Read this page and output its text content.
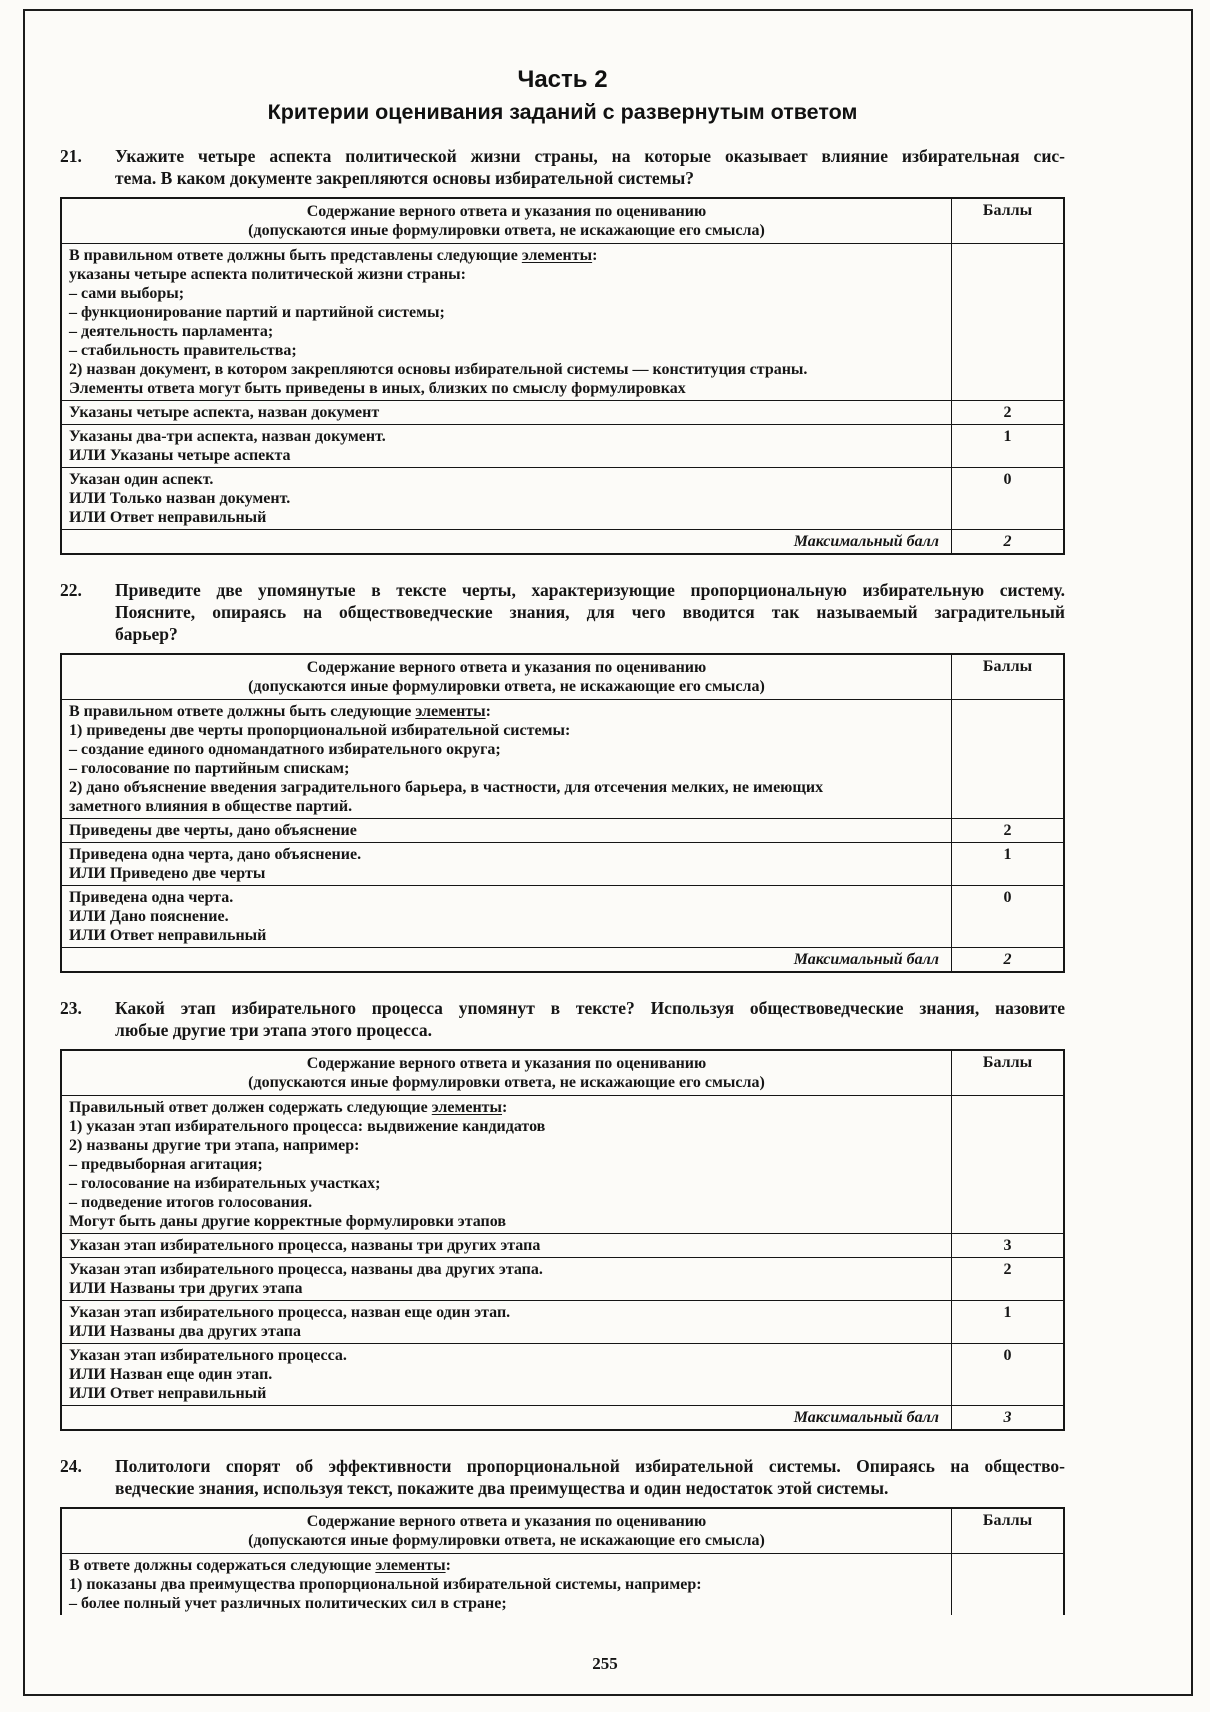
Часть 2
Критерии оценивания заданий с развернутым ответом
21.	Укажите четыре аспекта политической жизни страны, на которые оказывает влияние избирательная сис-
тема. В каком документе закрепляются основы избирательной системы?
Содержание верного ответа и указания по оцениванию
(допускаются иные формулировки ответа, не искажающие его смысла)	Баллы

В правильном ответе должны быть представлены следующие элементы:
указаны четыре аспекта политической жизни страны:
– сами выборы;
– функционирование партий и партийной системы;
– деятельность парламента;
– стабильность правительства;
2) назван документ, в котором закрепляются основы избирательной системы — конституция страны.
Элементы ответа могут быть приведены в иных, близких по смыслу формулировках

Указаны четыре аспекта, назван документ	2

Указаны два-три аспекта, назван документ.
ИЛИ Указаны четыре аспекта	1

Указан один аспект.
ИЛИ Только назван документ.
ИЛИ Ответ неправильный	0
Максимальный балл	2
22.	Приведите две упомянутые в тексте черты, характеризующие пропорциональную избирательную систему.
Поясните, опираясь на обществоведческие знания, для чего вводится так называемый заградительный
барьер?
Содержание верного ответа и указания по оцениванию
(допускаются иные формулировки ответа, не искажающие его смысла)	Баллы

В правильном ответе должны быть следующие элементы:
1) приведены две черты пропорциональной избирательной системы:
– создание единого одномандатного избирательного округа;
– голосование по партийным спискам;
2) дано объяснение введения заградительного барьера, в частности, для отсечения мелких, не имеющих
заметного влияния в обществе партий.

Приведены две черты, дано объяснение	2

Приведена одна черта, дано объяснение.
ИЛИ Приведено две черты	1

Приведена одна черта.
ИЛИ Дано пояснение.
ИЛИ Ответ неправильный	0
Максимальный балл	2
23.	Какой этап избирательного процесса упомянут в тексте? Используя обществоведческие знания, назовите
любые другие три этапа этого процесса.
Содержание верного ответа и указания по оцениванию
(допускаются иные формулировки ответа, не искажающие его смысла)	Баллы

Правильный ответ должен содержать следующие элементы:
1) указан этап избирательного процесса: выдвижение кандидатов
2) названы другие три этапа, например:
– предвыборная агитация;
– голосование на избирательных участках;
– подведение итогов голосования.
Могут быть даны другие корректные формулировки этапов

Указан этап избирательного процесса, названы три других этапа	3

Указан этап избирательного процесса, названы два других этапа.
ИЛИ Названы три других этапа	2

Указан этап избирательного процесса, назван еще один этап.
ИЛИ Названы два других этапа	1

Указан этап избирательного процесса.
ИЛИ Назван еще один этап.
ИЛИ Ответ неправильный	0
Максимальный балл	3
24.	Политологи спорят об эффективности пропорциональной избирательной системы. Опираясь на общество-
ведческие знания, используя текст, покажите два преимущества и один недостаток этой системы.
Содержание верного ответа и указания по оцениванию
(допускаются иные формулировки ответа, не искажающие его смысла)	Баллы

В ответе должны содержаться следующие элементы:
1) показаны два преимущества пропорциональной избирательной системы, например:
– более полный учет различных политических сил в стране;	

255
